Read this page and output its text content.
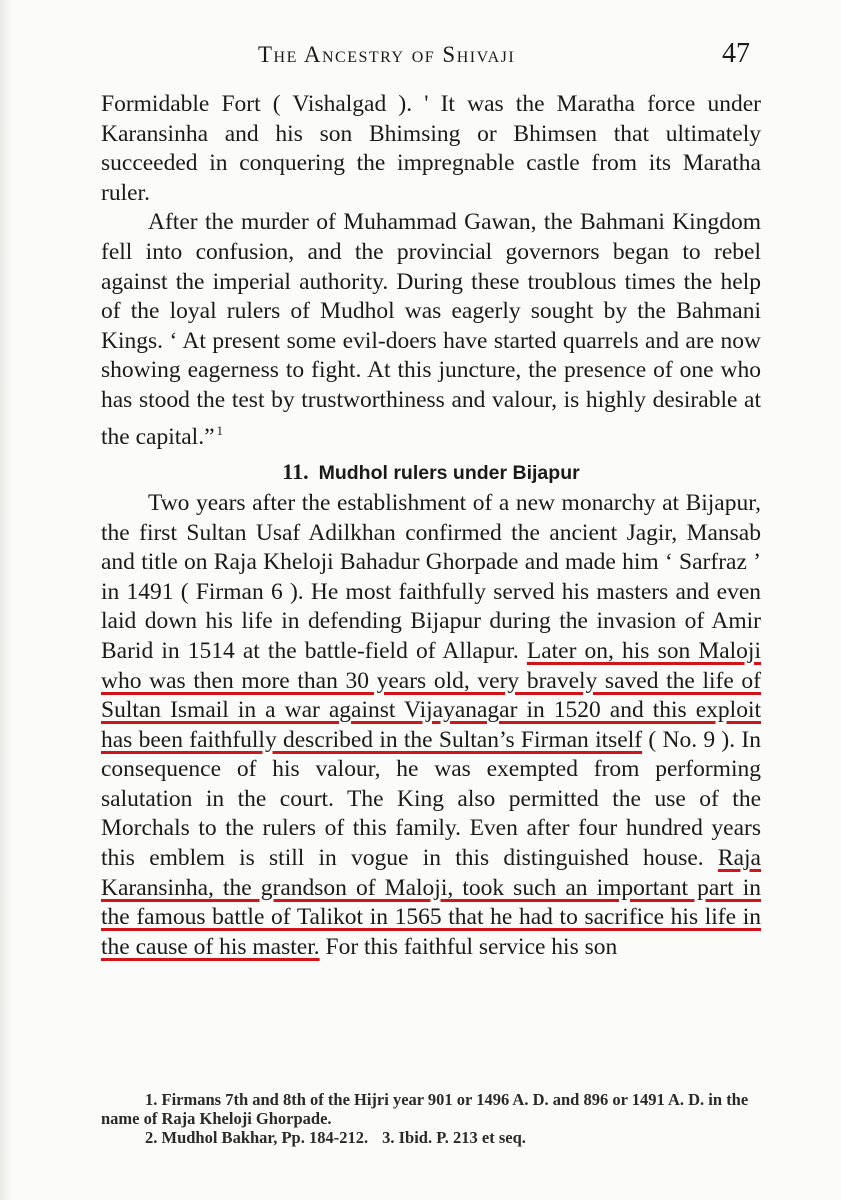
The Ancestry of Shivaji	47

Formidable Fort ( Vishalgad ). ' It was the Maratha force under Karansinha and his son Bhimsing or Bhimsen that ultimately succeeded in conquering the impregnable castle from its Maratha ruler.

After the murder of Muhammad Gawan, the Bahmani Kingdom fell into confusion, and the provincial governors began to rebel against the imperial authority. During these troublous times the help of the loyal rulers of Mudhol was eagerly sought by the Bahmani Kings. ‘ At present some evil-doers have started quarrels and are now showing eagerness to fight. At this juncture, the presence of one who has stood the test by trustworthiness and valour, is highly desirable at the capital.” $^1$

11. Mudhol rulers under Bijapur

Two years after the establishment of a new monarchy at Bijapur, the first Sultan Usaf Adilkhan confirmed the ancient Jagir, Mansab and title on Raja Kheloji Bahadur Ghorpade and made him ‘ Sarfraz ’ in 1491 ( Firman 6 ). He most faithfully served his masters and even laid down his life in defending Bijapur during the invasion of Amir Barid in 1514 at the battle-field of Allapur. Later on, his son Maloji who was then more than 30 years old, very bravely saved the life of Sultan Ismail in a war against Vijayanagar in 1520 and this exploit has been faithfully described in the Sultan’s Firman itself ( No. 9 ). In consequence of his valour, he was exempted from performing salutation in the court. The King also permitted the use of the Morchals to the rulers of this family. Even after four hundred years this emblem is still in vogue in this distinguished house. Raja Karansinha, the grandson of Maloji, took such an important part in the famous battle of Talikot in 1565 that he had to sacrifice his life in the cause of his master. For this faithful service his son

1. Firmans 7th and 8th of the Hijri year 901 or 1496 A. D. and 896 or 1491 A. D. in the name of Raja Kheloji Ghorpade.

2. Mudhol Bakhar, Pp. 184-212. 3. Ibid. P. 213 et seq.
